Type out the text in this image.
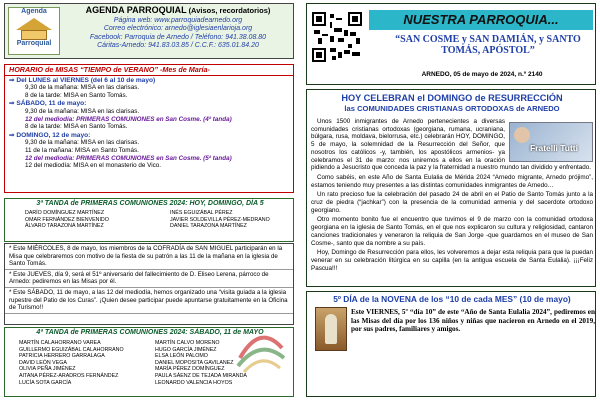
Agenda
Parroquial
AGENDA PARROQUIAL (Avisos, recordatorios)
Página web: www.parroquiadearnedo.org
Correo electrónico: arnedo@iglesiaenlarioja.org
Facebook: Parroquia de Arnedo / Teléfono: 941.38.08.80
Cáritas-Arnedo: 941.83.03.85 / C.C.F.: 635.01.84.20
HORARIO de MISAS “TIEMPO de VERANO” -Mes de María-
⇒ Del LUNES al VIERNES (del 6 al 10 de mayo)
9,30 de la mañana: MISA en las clarisas.
8 de la tarde: MISA en Santo Tomás.
⇒ SÁBADO, 11 de mayo:
9,30 de la mañana: MISA en las clarisas.
12 del mediodía: PRIMERAS COMUNIONES en San Cosme. (4ª tanda)
8 de la tarde: MISA en Santo Tomás.
⇒ DOMINGO, 12 de mayo:
9,30 de la mañana: MISA en las clarisas.
11 de la mañana: MISA en Santo Tomás.
12 del mediodía: PRIMERAS COMUNIONES en San Cosme. (5ª tanda)
12 del mediodía: MISA en el monasterio de Vico.
3ª TANDA de PRIMERAS COMUNIONES 2024: HOY, DOMINGO, DÍA 5
DARÍO DOMÍNGUEZ MARTÍNEZ
OMAR FERNÁNDEZ BIENVENIDO
ÁLVARO TARAZONA MARTÍNEZ
INÉS EGUIZÁBAL PÉREZ
JAVIER SOLDEVILLA PÉREZ-MEDRANO
DANIEL TARAZONA MARTÍNEZ
* Este MIÉRCOLES, 8 de mayo, los miembros de la COFRADÍA de SAN MIGUEL participarán en la Misa que celebraremos con motivo de la fiesta de su patrón a las 11 de la mañana en la iglesia de Santo Tomás.
* Este JUEVES, día 9, será el 51º aniversario del fallecimiento de D. Eliseo Lerena, párroco de Arnedo: pediremos en las Misas por él.
* Este SÁBADO, 11 de mayo, a las 12 del mediodía, hemos organizado una “visita guiada a la iglesia rupestre del Patio de los Curas”. ¡Quien desee participar puede apuntarse gratuitamente en la Oficina de Turismo!!
4ª TANDA de PRIMERAS COMUNIONES 2024: SÁBADO, 11 de MAYO
MARTÍN CALAHORRANO VAREA
GUILLERMO EGUIZÁBAL CALAHORRANO
PATRICIA HERRERO GARRALAGA
DAVID LEÓN VEGA
OLIVIA PEÑA JIMÉNEZ
AITANA PÉREZ-ARADROS FERNÁNDEZ
LUCÍA SOTA GARCÍA
MARTÍN CALVO MORENO
HUGO GARCÍA JIMÉNEZ
ELSA LEÓN PALOMO
DANIEL MOPOSITA GAVILANEZ
MARÍA PÉREZ DOMÍNGUEZ
PAULA SÁENZ DE TEJADA MIRANDA
LEONARDO VALENCIA HOYOS
NUESTRA PARROQUIA...
“SAN COSME y SAN DAMIÁN, y SANTO TOMÁS, APÓSTOL”
ARNEDO, 05 de mayo de 2024, n.º 2140
HOY CELEBRAN el DOMINGO de RESURRECCIÓN
las COMUNIDADES CRISTIANAS ORTODOXAS de ARNEDO
Fratelli Tutti

Unos 1500 inmigrantes de Arnedo pertenecientes a diversas comunidades cristianas ortodoxas (georgiana, rumana, ucraniana, búlgara, rusa, moldava, bielorrusa, etc.) celebrarán HOY, DOMINGO, 5 de mayo, la solemnidad de la Resurrección del Señor, que nosotros los católicos -y, también, los apostólicos armenios- ya celebramos el 31 de marzo: nos uniremos a ellos en la oración pidiendo a Jesucristo que conceda la paz y la fraternidad a nuestro mundo tan dividido y enfrentado.

Como sabéis, en este Año de Santa Eulalia de Mérida 2024 “Arnedo migrante, Arnedo prójimo”, estamos teniendo muy presentes a las distintas comunidades inmigrantes de Arnedo…

Un rato precioso fue la celebración del pasado 24 de abril en el Patio de Santo Tomás junto a la cruz de piedra (“jachkar”) con la presencia de la comunidad armenia y del sacerdote ortodoxo georgiano.

Otro momento bonito fue el encuentro que tuvimos el 9 de marzo con la comunidad ortodoxa georgiana en la iglesia de Santo Tomás, en el que nos explicaron su cultura y religiosidad, cantaron canciones tradicionales y veneraron la reliquia de San Jorge -que guardamos en el museo de San Cosme-, santo que da nombre a su país.

Hoy, Domingo de Resurrección para ellos, les volveremos a dejar esta reliquia para que la puedan venerar en su celebración litúrgica en su capilla (en la antigua escuela de Santa Eulalia). ¡¡¡Feliz Pascua!!!

5º DÍA de la NOVENA de los “10 de cada MES” (10 de mayo)
Este VIERNES, 5º “día 10” de este “Año de Santa Eulalia 2024”, pediremos en las Misas del día por los 136 niños y niñas que nacieron en Arnedo en el 2019, por sus padres, familiares y amigos.
